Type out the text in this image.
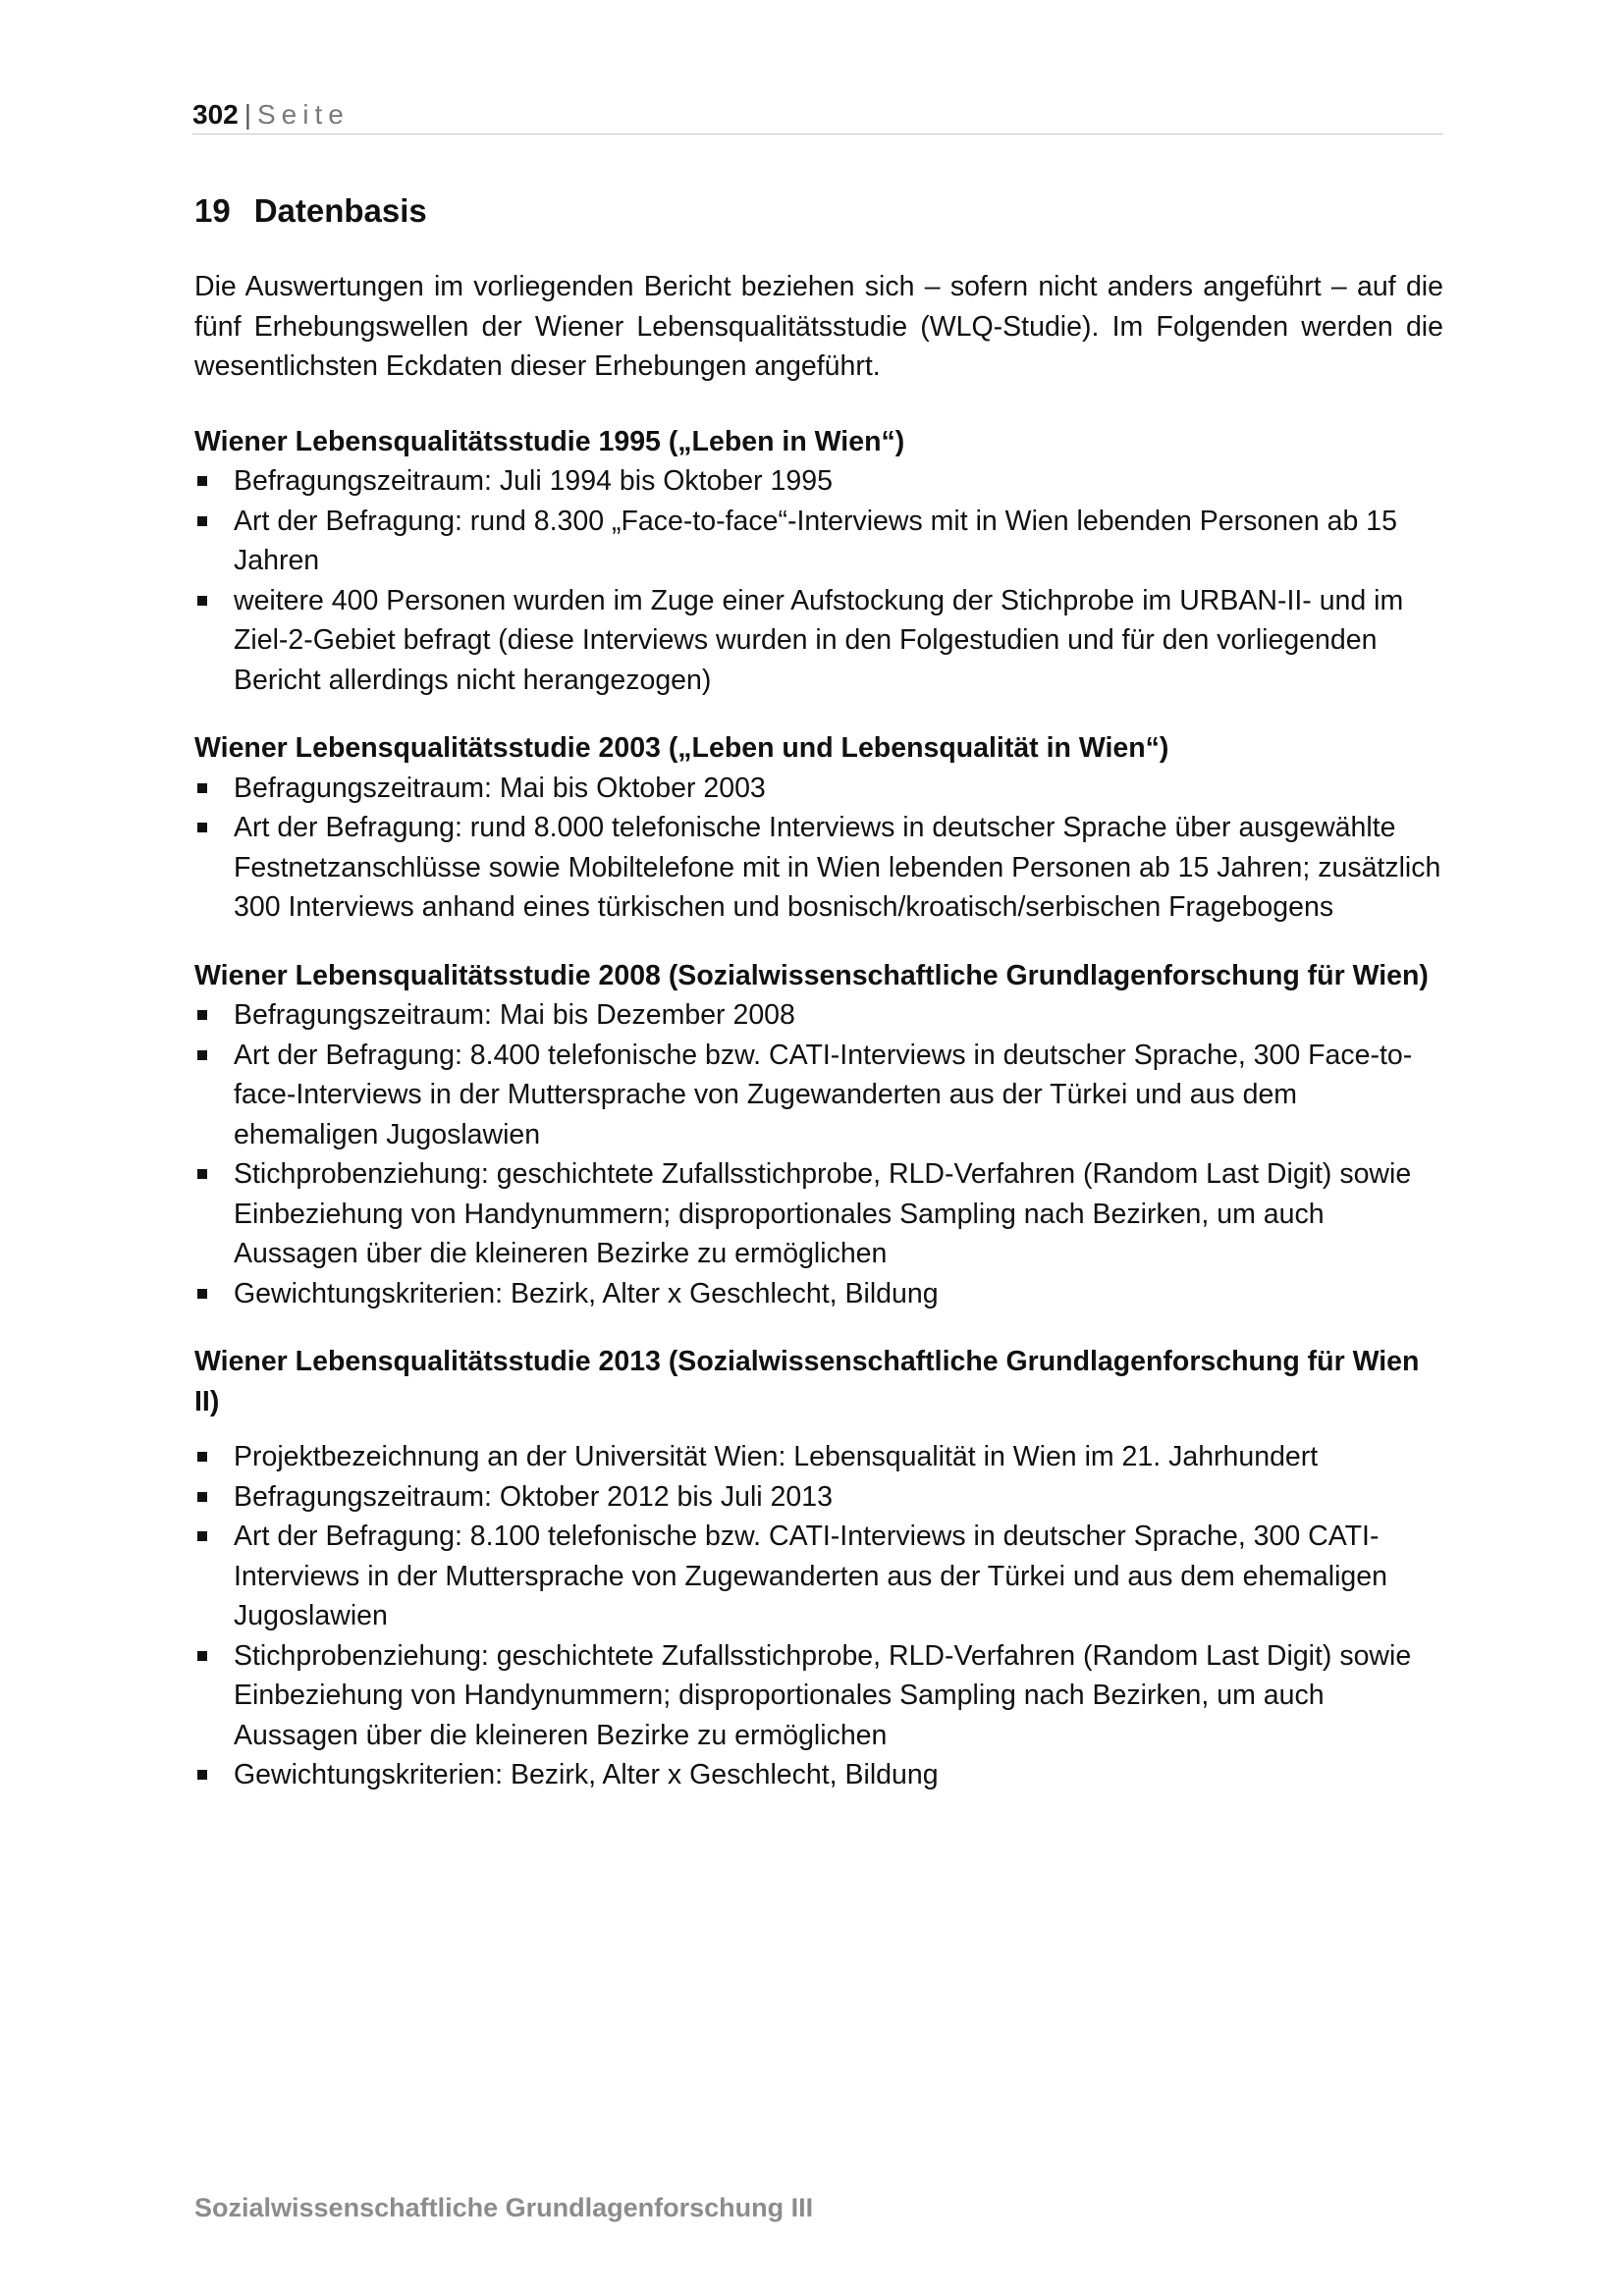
302 | Seite
19 Datenbasis

Die Auswertungen im vorliegenden Bericht beziehen sich – sofern nicht anders angeführt – auf die fünf Erhebungswellen der Wiener Lebensqualitätsstudie (WLQ-Studie). Im Folgenden werden die wesentlichsten Eckdaten dieser Erhebungen angeführt.

Wiener Lebensqualitätsstudie 1995 („Leben in Wien“)
Befragungszeitraum: Juli 1994 bis Oktober 1995
Art der Befragung: rund 8.300 „Face-to-face“-Interviews mit in Wien lebenden Personen ab 15 Jahren
weitere 400 Personen wurden im Zuge einer Aufstockung der Stichprobe im URBAN-II- und im Ziel-2-Gebiet befragt (diese Interviews wurden in den Folgestudien und für den vorliegenden Bericht allerdings nicht herangezogen)
Wiener Lebensqualitätsstudie 2003 („Leben und Lebensqualität in Wien“)
Befragungszeitraum: Mai bis Oktober 2003
Art der Befragung: rund 8.000 telefonische Interviews in deutscher Sprache über ausgewählte Festnetzanschlüsse sowie Mobiltelefone mit in Wien lebenden Personen ab 15 Jahren; zusätzlich 300 Interviews anhand eines türkischen und bosnisch/kroatisch/serbischen Fragebogens
Wiener Lebensqualitätsstudie 2008 (Sozialwissenschaftliche Grundlagenforschung für Wien)
Befragungszeitraum: Mai bis Dezember 2008
Art der Befragung: 8.400 telefonische bzw. CATI-Interviews in deutscher Sprache, 300 Face-to-face-Interviews in der Muttersprache von Zugewanderten aus der Türkei und aus dem ehemaligen Jugoslawien
Stichprobenziehung: geschichtete Zufallsstichprobe, RLD-Verfahren (Random Last Digit) sowie Einbeziehung von Handynummern; disproportionales Sampling nach Bezirken, um auch Aussagen über die kleineren Bezirke zu ermöglichen
Gewichtungskriterien: Bezirk, Alter x Geschlecht, Bildung
Wiener Lebensqualitätsstudie 2013 (Sozialwissenschaftliche Grundlagenforschung für Wien II)
Projektbezeichnung an der Universität Wien: Lebensqualität in Wien im 21. Jahrhundert
Befragungszeitraum: Oktober 2012 bis Juli 2013
Art der Befragung: 8.100 telefonische bzw. CATI-Interviews in deutscher Sprache, 300 CATI-Interviews in der Muttersprache von Zugewanderten aus der Türkei und aus dem ehemaligen Jugoslawien
Stichprobenziehung: geschichtete Zufallsstichprobe, RLD-Verfahren (Random Last Digit) sowie Einbeziehung von Handynummern; disproportionales Sampling nach Bezirken, um auch Aussagen über die kleineren Bezirke zu ermöglichen
Gewichtungskriterien: Bezirk, Alter x Geschlecht, Bildung
Sozialwissenschaftliche Grundlagenforschung III
